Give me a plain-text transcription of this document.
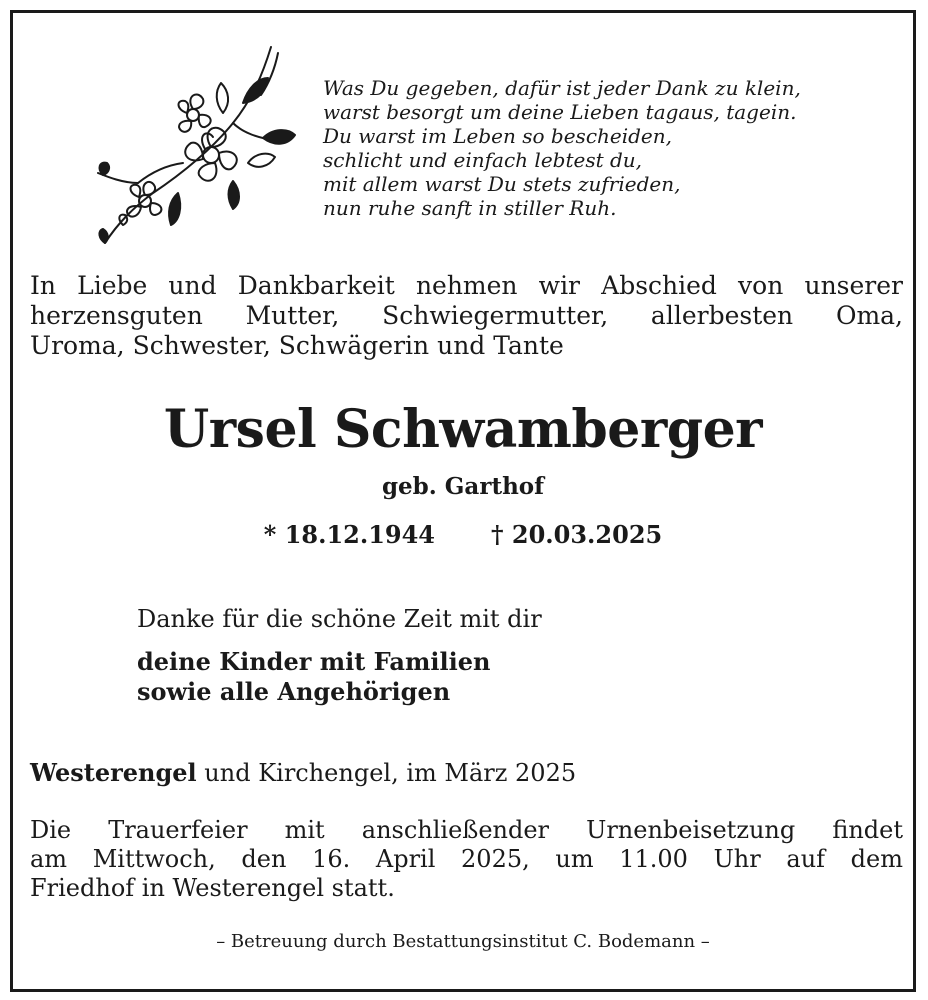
Was Du gegeben, dafür ist jeder Dank zu klein,
warst besorgt um deine Lieben tagaus, tagein.
Du warst im Leben so bescheiden,
schlicht und einfach lebtest du,
mit allem warst Du stets zufrieden,
nun ruhe sanft in stiller Ruh.
In Liebe und Dankbarkeit nehmen wir Abschied von unserer
herzensguten Mutter, Schwiegermutter, allerbesten Oma,
Uroma, Schwester, Schwägerin und Tante
Ursel Schwamberger
geb. Garthof
* 18.12.1944 † 20.03.2025
Danke für die schöne Zeit mit dir
deine Kinder mit Familien
sowie alle Angehörigen
Westerengel und Kirchengel, im März 2025
Die Trauerfeier mit anschließender Urnenbeisetzung findet
am Mittwoch, den 16. April 2025, um 11.00 Uhr auf dem
Friedhof in Westerengel statt.
– Betreuung durch Bestattungsinstitut C. Bodemann –
